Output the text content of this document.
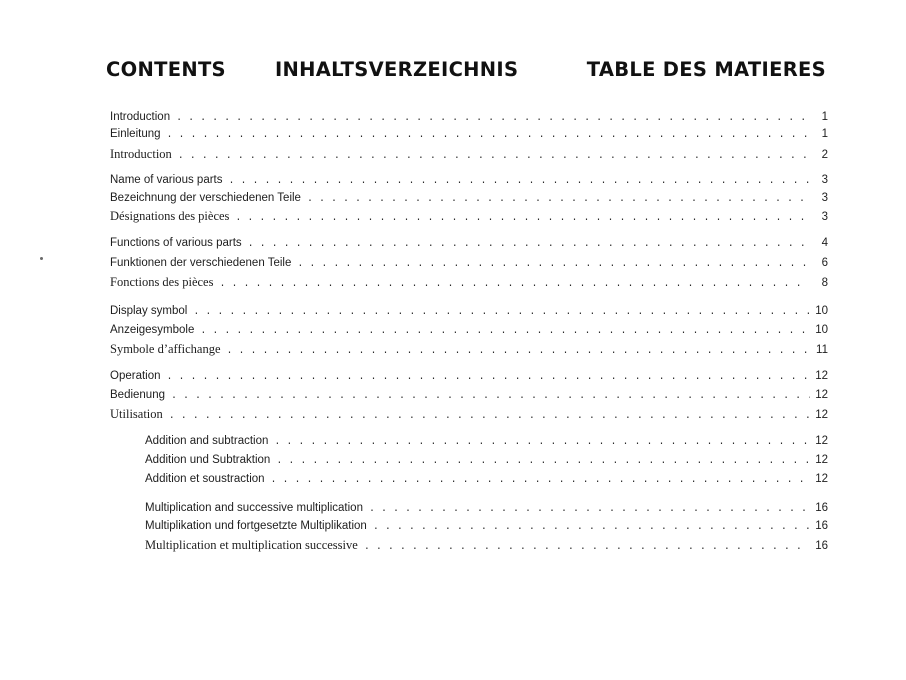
CONTENTS	INHALTSVERZEICHNIS	TABLE DES MATIERES
Introduction . . .	1
Einleitung . . .	1
Introduction . . .	2
Name of various parts . . .	3
Bezeichnung der verschiedenen Teile . . .	3
Désignations des pièces . . .	3
Functions of various parts . . .	4
Funktionen der verschiedenen Teile . . .	6
Fonctions des pièces . . .	8
Display symbol . . .	10
Anzeigesymbole . . .	10
Symbole d’affichange . . .	11
Operation . . .	12
Bedienung . . .	12
Utilisation . . .	12
Addition and subtraction . . .	12
Addition und Subtraktion . . .	12
Addition et soustraction . . .	12
Multiplication and successive multiplication . . .	16
Multiplikation und fortgesetzte Multiplikation . . .	16
Multiplication et multiplication successive . . .	16
